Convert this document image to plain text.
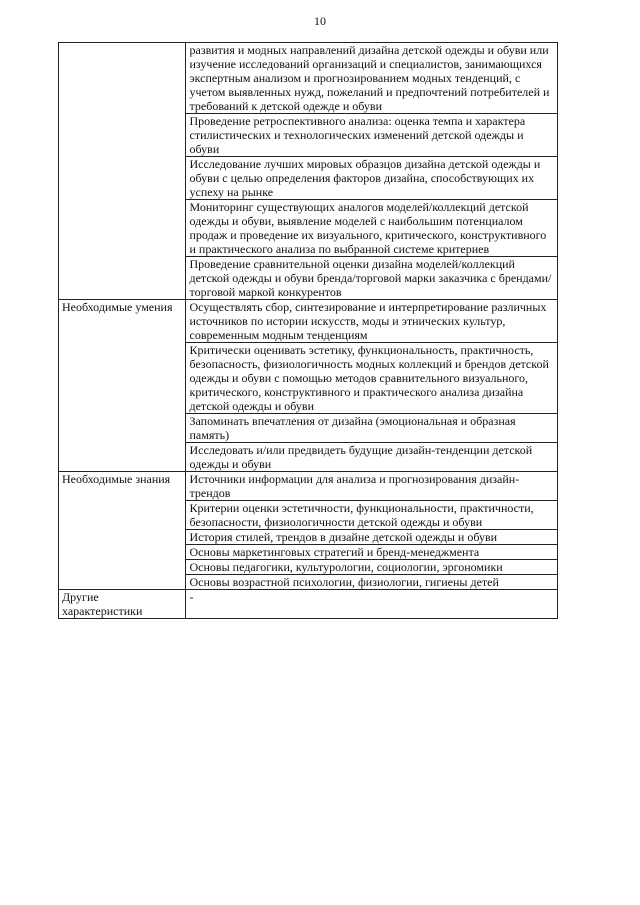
10
	развития и модных направлений дизайна детской одежды и обуви или изучение исследований организаций и специалистов, занимающихся экспертным анализом и прогнозированием модных тенденций, с учетом выявленных нужд, пожеланий и предпочтений потребителей и требований к детской одежде и обуви
	Проведение ретроспективного анализа: оценка темпа и характера стилистических и технологических изменений детской одежды и обуви
	Исследование лучших мировых образцов дизайна детской одежды и обуви с целью определения факторов дизайна, способствующих их успеху на рынке
	Мониторинг существующих аналогов моделей/коллекций детской одежды и обуви, выявление моделей с наибольшим потенциалом продаж и проведение их визуального, критического, конструктивного и практического анализа по выбранной системе критериев
	Проведение сравнительной оценки дизайна моделей/коллекций детской одежды и обуви бренда/торговой марки заказчика с брендами/торговой маркой конкурентов

Необходимые умения	Осуществлять сбор, синтезирование и интерпретирование различных источников по истории искусств, моды и этнических культур, современным модным тенденциям
	Критически оценивать эстетику, функциональность, практичность, безопасность, физиологичность модных коллекций и брендов детской одежды и обуви с помощью методов сравнительного визуального, критического, конструктивного и практического анализа дизайна детской одежды и обуви
	Запоминать впечатления от дизайна (эмоциональная и образная память)
	Исследовать и/или предвидеть будущие дизайн-тенденции детской одежды и обуви

Необходимые знания	Источники информации для анализа и прогнозирования дизайн-трендов
	Критерии оценки эстетичности, функциональности, практичности, безопасности, физиологичности детской одежды и обуви
	История стилей, трендов в дизайне детской одежды и обуви
	Основы маркетинговых стратегий и бренд-менеджмента
	Основы педагогики, культурологии, социологии, эргономики
	Основы возрастной психологии, физиологии, гигиены детей

Другие характеристики	-
